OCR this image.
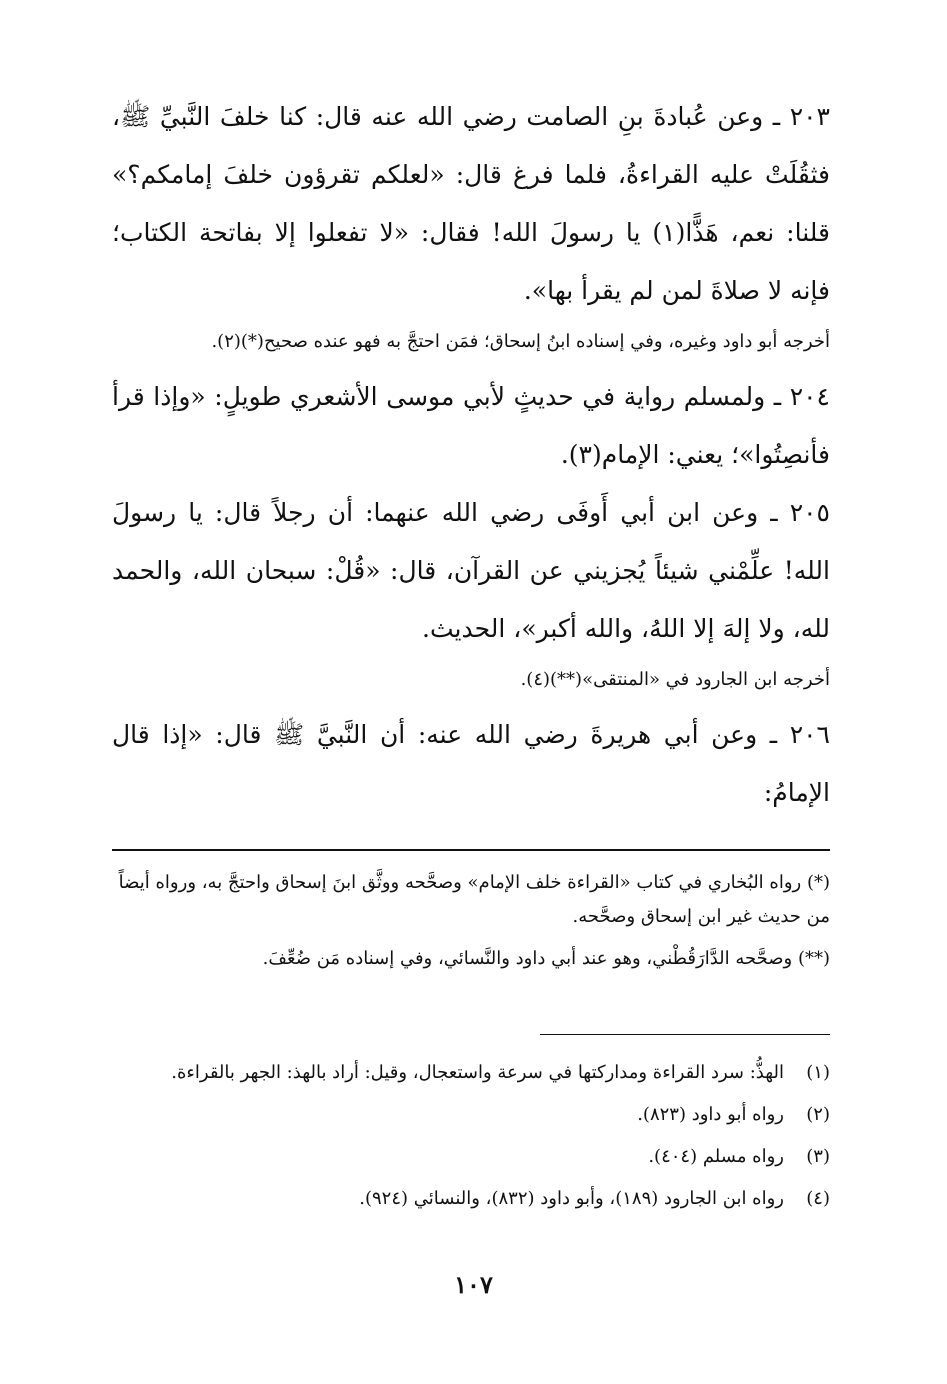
٢٠٣ ـ وعن عُبادةَ بنِ الصامت رضي الله عنه قال: كنا خلفَ النَّبيِّ ﷺ، فثقُلَتْ عليه القراءةُ، فلما فرغ قال: «لعلكم تقرؤون خلفَ إمامكم؟» قلنا: نعم، هَذًّا(١) يا رسولَ الله! فقال: «لا تفعلوا إلا بفاتحة الكتاب؛ فإنه لا صلاةَ لمن لم يقرأ بها».

أخرجه أبو داود وغيره، وفي إسناده ابنُ إسحاق؛ فمَن احتجَّ به فهو عنده صحيح(*)(٢).

٢٠٤ ـ ولمسلم رواية في حديثٍ لأبي موسى الأشعري طويلٍ: «وإذا قرأ فأنصِتُوا»؛ يعني: الإمام(٣).

٢٠٥ ـ وعن ابن أبي أَوفَى رضي الله عنهما: أن رجلاً قال: يا رسولَ الله! علِّمْني شيئاً يُجزيني عن القرآن، قال: «قُلْ: سبحان الله، والحمد لله، ولا إلهَ إلا اللهُ، والله أكبر»، الحديث.

أخرجه ابن الجارود في «المنتقى»(**)(٤).

٢٠٦ ـ وعن أبي هريرةَ رضي الله عنه: أن النَّبيَّ ﷺ قال: «إذا قال الإمامُ:

(*) رواه البُخاري في كتاب «القراءة خلف الإمام» وصحَّحه ووثَّق ابنَ إسحاق واحتجَّ به، ورواه أيضاً من حديث غير ابن إسحاق وصحَّحه.

(**) وصحَّحه الدَّارَقُطْني، وهو عند أبي داود والنَّسائي، وفي إسناده مَن ضُعِّفَ.

(١)
الهذُّ: سرد القراءة ومداركتها في سرعة واستعجال، وقيل: أراد بالهذ: الجهر بالقراءة.
(٢)
رواه أبو داود (٨٢٣).
(٣)
رواه مسلم (٤٠٤).
(٤)
رواه ابن الجارود (١٨٩)، وأبو داود (٨٣٢)، والنسائي (٩٢٤).
١٠٧
